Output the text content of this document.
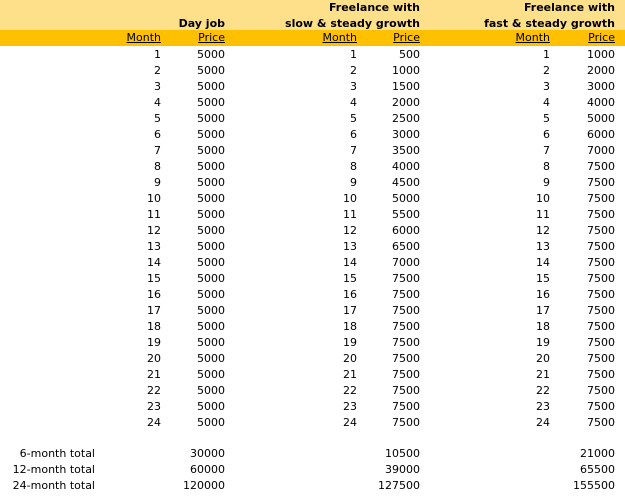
Day job
Freelance with
slow & steady growth
Freelance with
fast & steady growth
Month	Price	Month	Price	Month	Price
1	5000	1	500	1	1000
2	5000	2	1000	2	2000
3	5000	3	1500	3	3000
4	5000	4	2000	4	4000
5	5000	5	2500	5	5000
6	5000	6	3000	6	6000
7	5000	7	3500	7	7000
8	5000	8	4000	8	7500
9	5000	9	4500	9	7500
10	5000	10	5000	10	7500
11	5000	11	5500	11	7500
12	5000	12	6000	12	7500
13	5000	13	6500	13	7500
14	5000	14	7000	14	7500
15	5000	15	7500	15	7500
16	5000	16	7500	16	7500
17	5000	17	7500	17	7500
18	5000	18	7500	18	7500
19	5000	19	7500	19	7500
20	5000	20	7500	20	7500
21	5000	21	7500	21	7500
22	5000	22	7500	22	7500
23	5000	23	7500	23	7500
24	5000	24	7500	24	7500
6-month total	30000	10500	21000
12-month total	60000	39000	65500
24-month total	120000	127500	155500
